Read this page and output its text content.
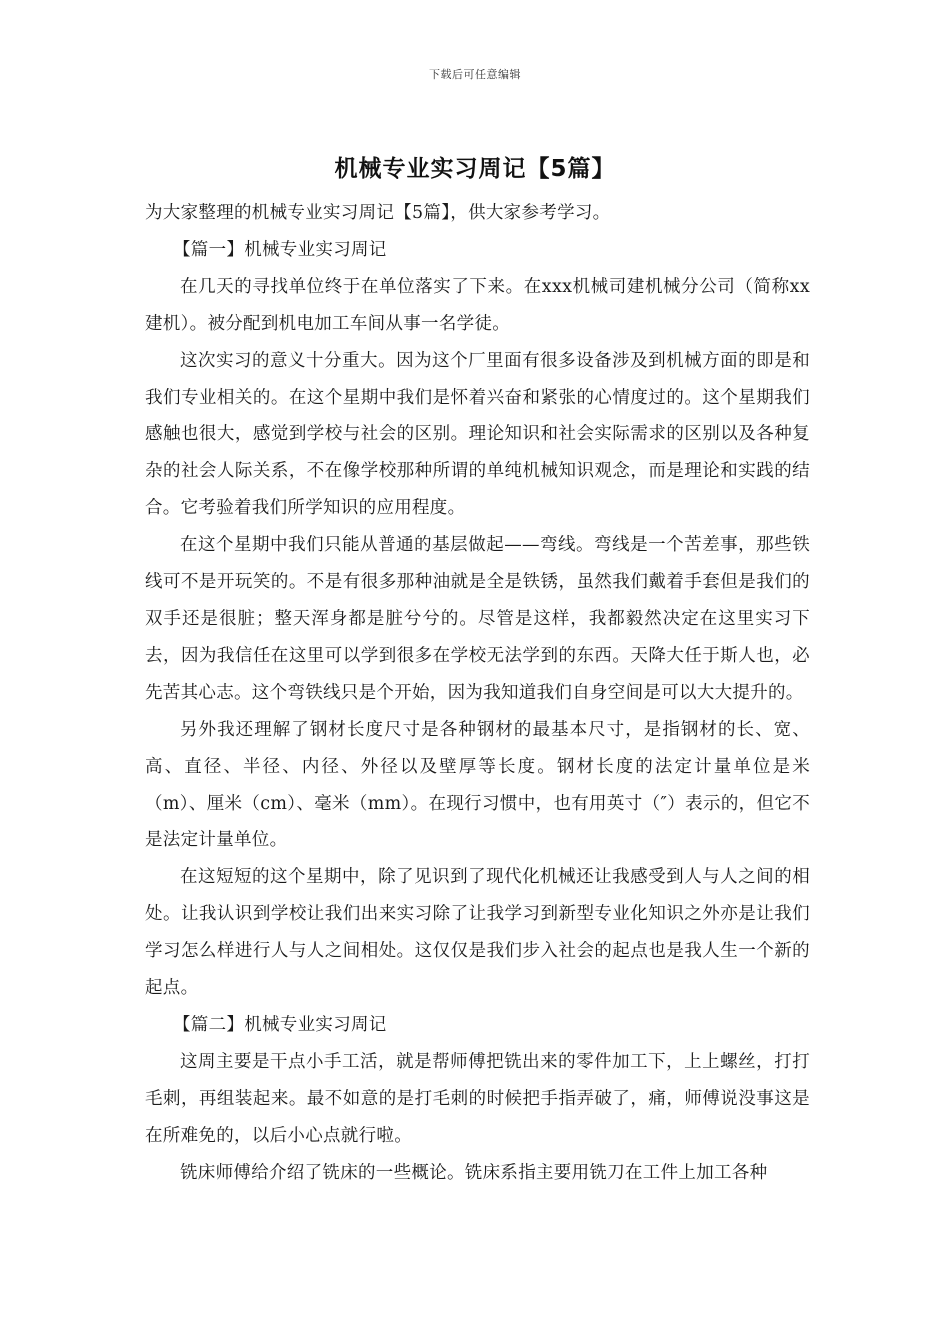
下载后可任意编辑
机械专业实习周记【5篇】

为大家整理的机械专业实习周记【5篇】，供大家参考学习。

【篇一】机械专业实习周记

在几天的寻找单位终于在单位落实了下来。在xxx机械司建机械分公司（简称xx建机）。被分配到机电加工车间从事一名学徒。

这次实习的意义十分重大。因为这个厂里面有很多设备涉及到机械方面的即是和我们专业相关的。在这个星期中我们是怀着兴奋和紧张的心情度过的。这个星期我们感触也很大，感觉到学校与社会的区别。理论知识和社会实际需求的区别以及各种复杂的社会人际关系，不在像学校那种所谓的单纯机械知识观念，而是理论和实践的结合。它考验着我们所学知识的应用程度。

在这个星期中我们只能从普通的基层做起——弯线。弯线是一个苦差事，那些铁线可不是开玩笑的。不是有很多那种油就是全是铁锈，虽然我们戴着手套但是我们的双手还是很脏；整天浑身都是脏兮兮的。尽管是这样，我都毅然决定在这里实习下去，因为我信任在这里可以学到很多在学校无法学到的东西。天降大任于斯人也，必先苦其心志。这个弯铁线只是个开始，因为我知道我们自身空间是可以大大提升的。

另外我还理解了钢材长度尺寸是各种钢材的最基本尺寸，是指钢材的长、宽、高、直径、半径、内径、外径以及壁厚等长度。钢材长度的法定计量单位是米（m）、厘米（cm）、毫米（mm）。在现行习惯中，也有用英寸（″）表示的，但它不是法定计量单位。

在这短短的这个星期中，除了见识到了现代化机械还让我感受到人与人之间的相处。让我认识到学校让我们出来实习除了让我学习到新型专业化知识之外亦是让我们学习怎么样进行人与人之间相处。这仅仅是我们步入社会的起点也是我人生一个新的起点。

【篇二】机械专业实习周记

这周主要是干点小手工活，就是帮师傅把铣出来的零件加工下，上上螺丝，打打毛刺，再组装起来。最不如意的是打毛刺的时候把手指弄破了，痛，师傅说没事这是在所难免的，以后小心点就行啦。

铣床师傅给介绍了铣床的一些概论。铣床系指主要用铣刀在工件上加工各种
